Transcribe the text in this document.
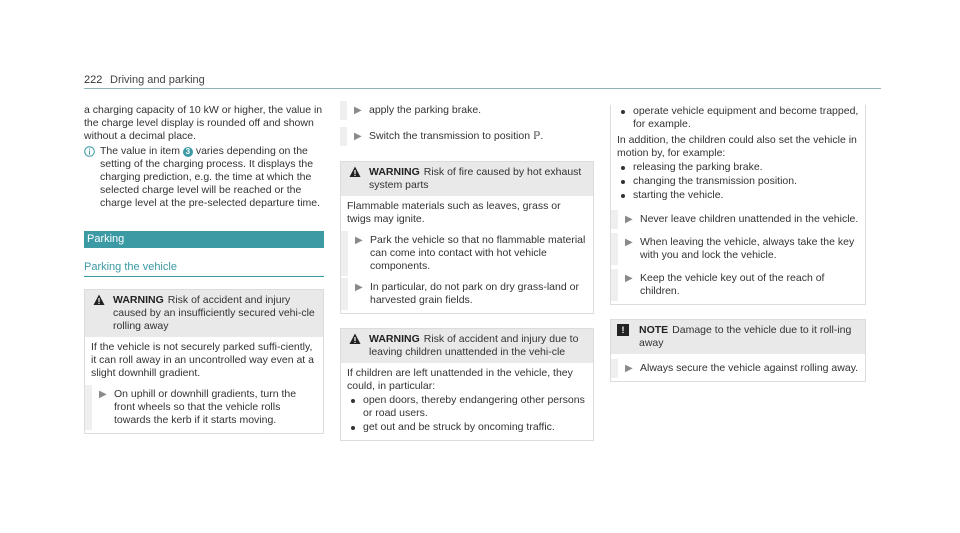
222 Driving and parking

a charging capacity of 10 kW or higher, the value in the charge level display is rounded off and shown without a decimal place.

The value in item 3 varies depending on the setting of the charging process. It displays the charging prediction, e.g. the time at which the selected charge level will be reached or the charge level at the pre-selected departure time.
Parking
Parking the vehicle
WARNING Risk of accident and injury caused by an insufficiently secured vehi-cle rolling away

If the vehicle is not securely parked suffi-ciently, it can roll away in an uncontrolled way even at a slight downhill gradient.

▶ On uphill or downhill gradients, turn the front wheels so that the vehicle rolls towards the kerb if it starts moving.
▶ apply the parking brake.
▶ Switch the transmission to position ℙ.
WARNING Risk of fire caused by hot exhaust system parts

Flammable materials such as leaves, grass or twigs may ignite.

▶ Park the vehicle so that no flammable material can come into contact with hot vehicle components.
▶ In particular, do not park on dry grass-land or harvested grain fields.
WARNING Risk of accident and injury due to leaving children unattended in the vehi-cle

If children are left unattended in the vehicle, they could, in particular:

open doors, thereby endangering other persons or road users.
get out and be struck by oncoming traffic.
operate vehicle equipment and become trapped, for example.

In addition, the children could also set the vehicle in motion by, for example:

releasing the parking brake.
changing the transmission position.
starting the vehicle.
▶ Never leave children unattended in the vehicle.
▶ When leaving the vehicle, always take the key with you and lock the vehicle.
▶ Keep the vehicle key out of the reach of children.
!	NOTE Damage to the vehicle due to it roll-ing away
▶ Always secure the vehicle against rolling away.
